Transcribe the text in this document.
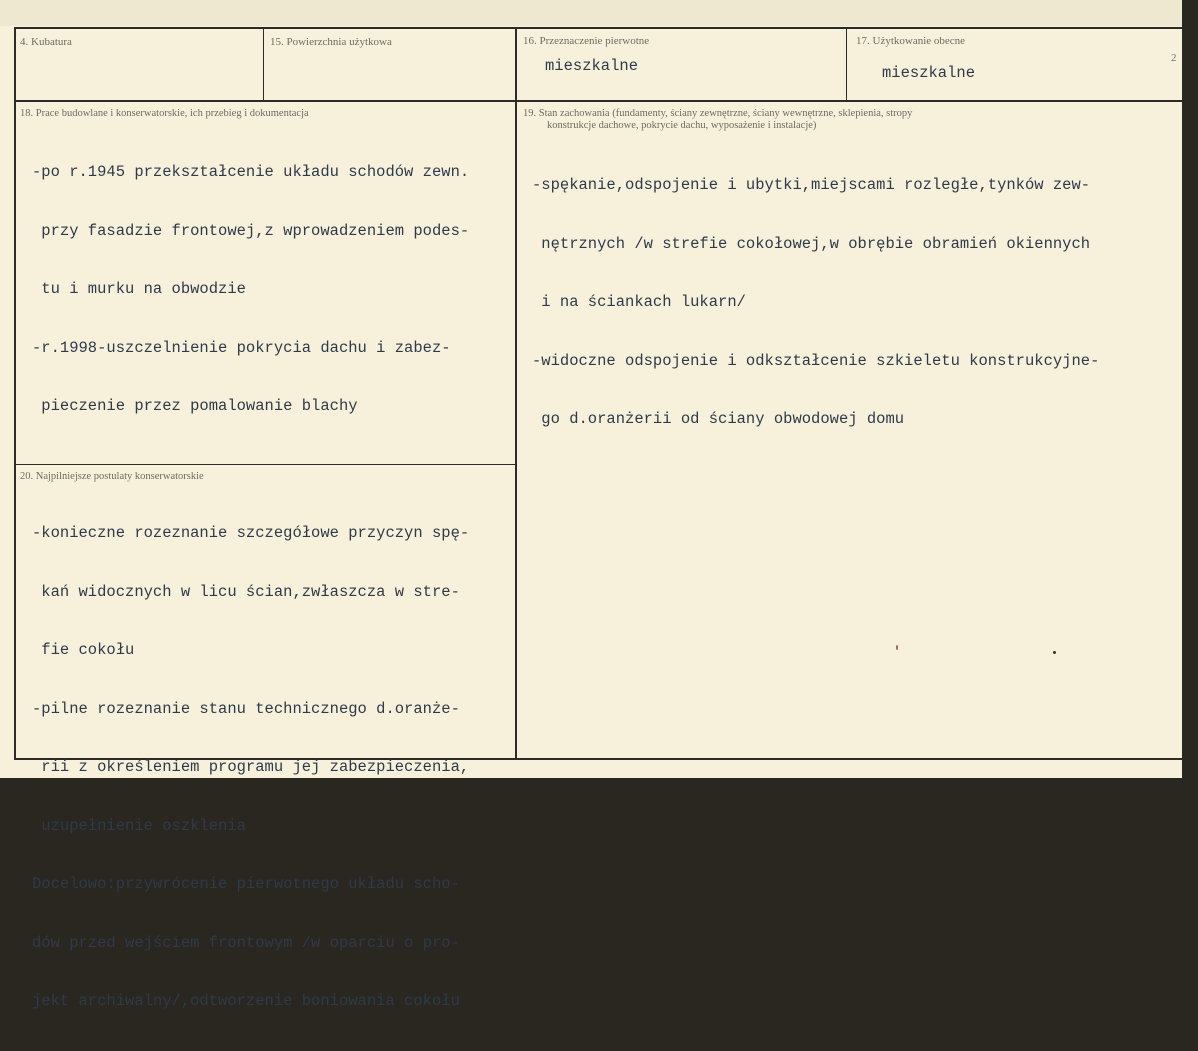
4. Kubatura	15. Powierzchnia użytkowa	16. Przeznaczenie pierwotne
mieszkalne
17. Użytkowanie obecne
mieszkalne
18. Prace budowlane i konserwatorskie, ich przebieg i dokumentacja

-po r.1945 przekształcenie układu schodów zewn.

przy fasadzie frontowej,z wprowadzeniem podes-

tu i murku na obwodzie

-r.1998-uszczelnienie pokrycia dachu i zabez-

pieczenie przez pomalowanie blachy

19. Stan zachowania (fundamenty, ściany zewnętrzne, ściany wewnętrzne, sklepienia, stropy
konstrukcje dachowe, pokrycie dachu, wyposażenie i instalacje)

-spękanie,odspojenie i ubytki,miejscami rozległe,tynków zew-

nętrznych /w strefie cokołowej,w obrębie obramień okiennych

i na ściankach lukarn/

-widoczne odspojenie i odkształcenie szkieletu konstrukcyjne-

go d.oranżerii od ściany obwodowej domu

20. Najpilniejsze postulaty konserwatorskie

-konieczne rozeznanie szczegółowe przyczyn spę-

kań widocznych w licu ścian,zwłaszcza w stre-

fie cokołu

-pilne rozeznanie stanu technicznego d.oranże-

rii z określeniem programu jej zabezpieczenia,

uzupełnienie oszklenia

Docelowo:przywrócenie pierwotnego układu scho-

dów przed wejściem frontowym /w oparciu o pro-

jekt archiwalny/,odtworzenie boniowania cokołu

2
